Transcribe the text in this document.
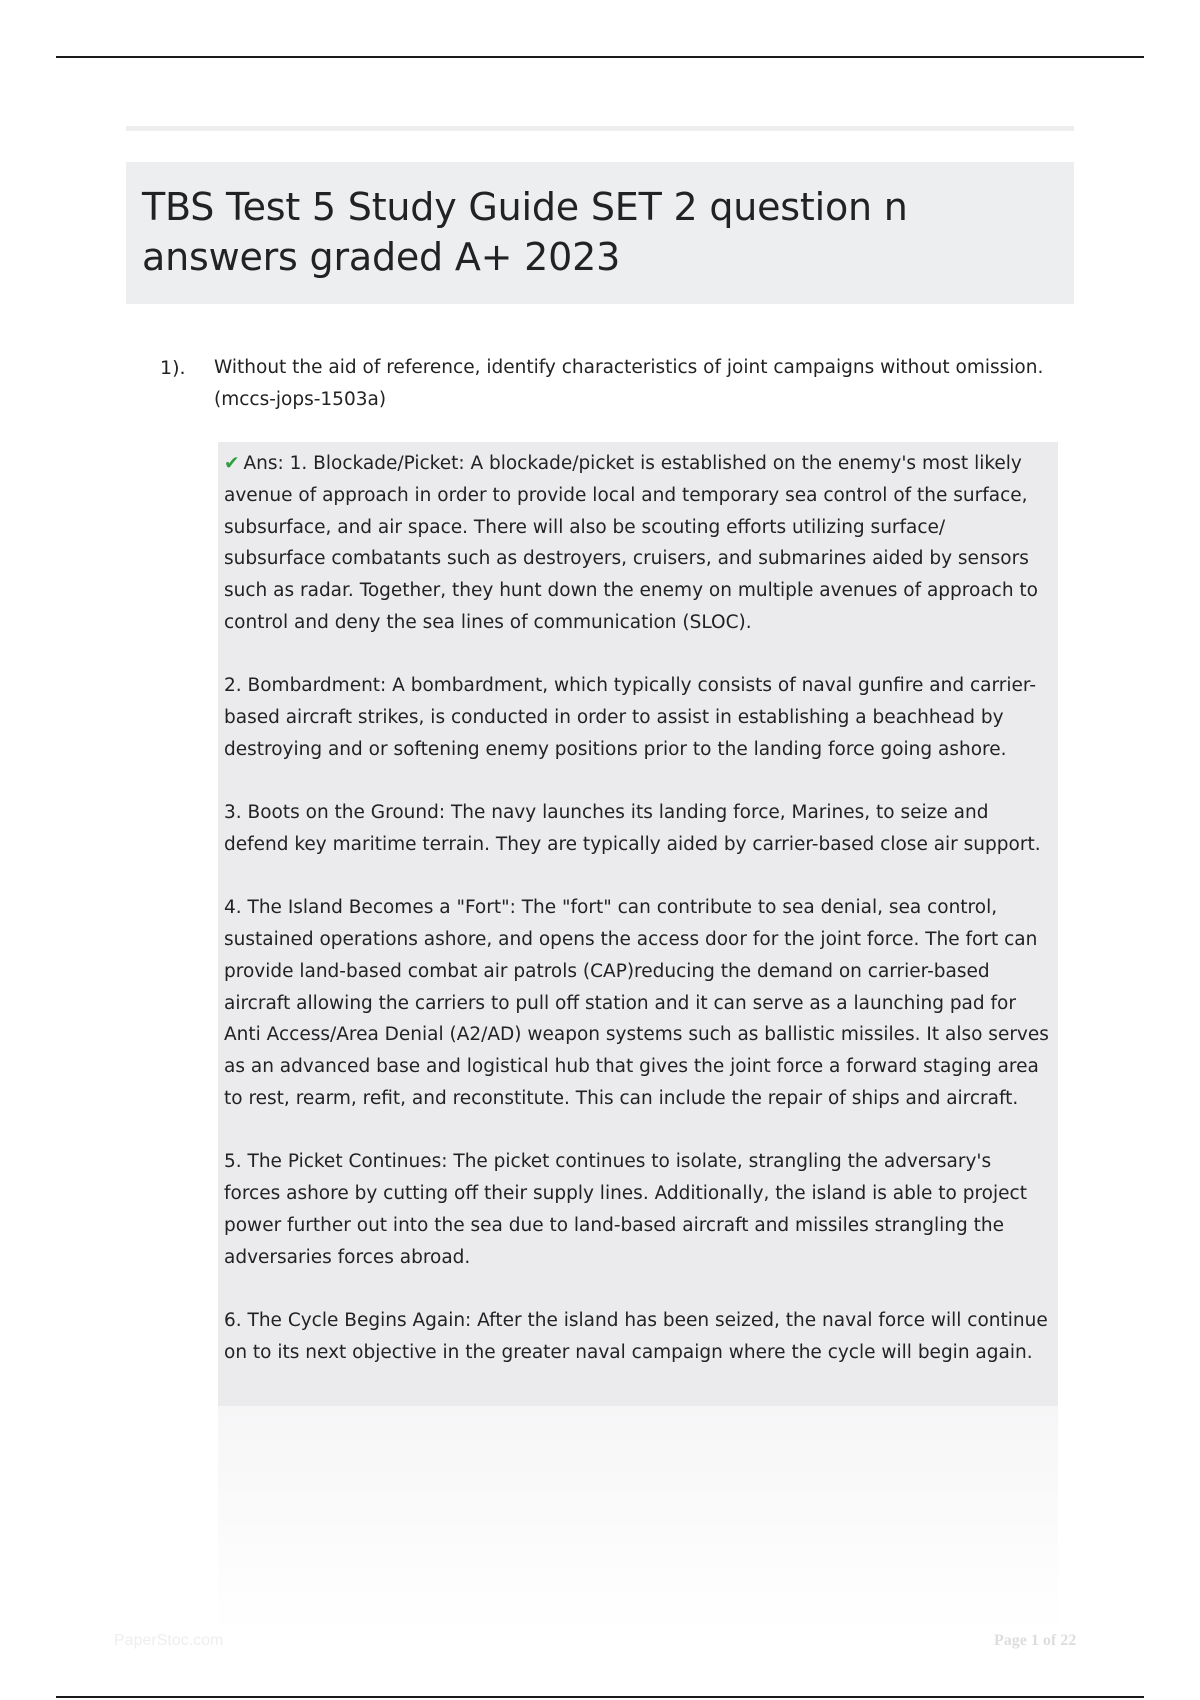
TBS Test 5 Study Guide SET 2 question n answers graded A+ 2023
1). Without the aid of reference, identify characteristics of joint campaigns without omission. (mccs-jops-1503a)

✔ Ans: 1. Blockade/Picket: A blockade/picket is established on the enemy's most likely avenue of approach in order to provide local and temporary sea control of the surface, subsurface, and air space. There will also be scouting efforts utilizing surface/ subsurface combatants such as destroyers, cruisers, and submarines aided by sensors such as radar. Together, they hunt down the enemy on multiple avenues of approach to control and deny the sea lines of communication (SLOC).

2. Bombardment: A bombardment, which typically consists of naval gunfire and carrier-based aircraft strikes, is conducted in order to assist in establishing a beachhead by destroying and or softening enemy positions prior to the landing force going ashore.

3. Boots on the Ground: The navy launches its landing force, Marines, to seize and defend key maritime terrain. They are typically aided by carrier-based close air support.

4. The Island Becomes a "Fort": The "fort" can contribute to sea denial, sea control, sustained operations ashore, and opens the access door for the joint force. The fort can provide land-based combat air patrols (CAP)reducing the demand on carrier-based aircraft allowing the carriers to pull off station and it can serve as a launching pad for Anti Access/Area Denial (A2/AD) weapon systems such as ballistic missiles. It also serves as an advanced base and logistical hub that gives the joint force a forward staging area to rest, rearm, refit, and reconstitute. This can include the repair of ships and aircraft.

5. The Picket Continues: The picket continues to isolate, strangling the adversary's forces ashore by cutting off their supply lines. Additionally, the island is able to project power further out into the sea due to land-based aircraft and missiles strangling the adversaries forces abroad.

6. The Cycle Begins Again: After the island has been seized, the naval force will continue on to its next objective in the greater naval campaign where the cycle will begin again.

PaperStoc.com	Page 1 of 22
